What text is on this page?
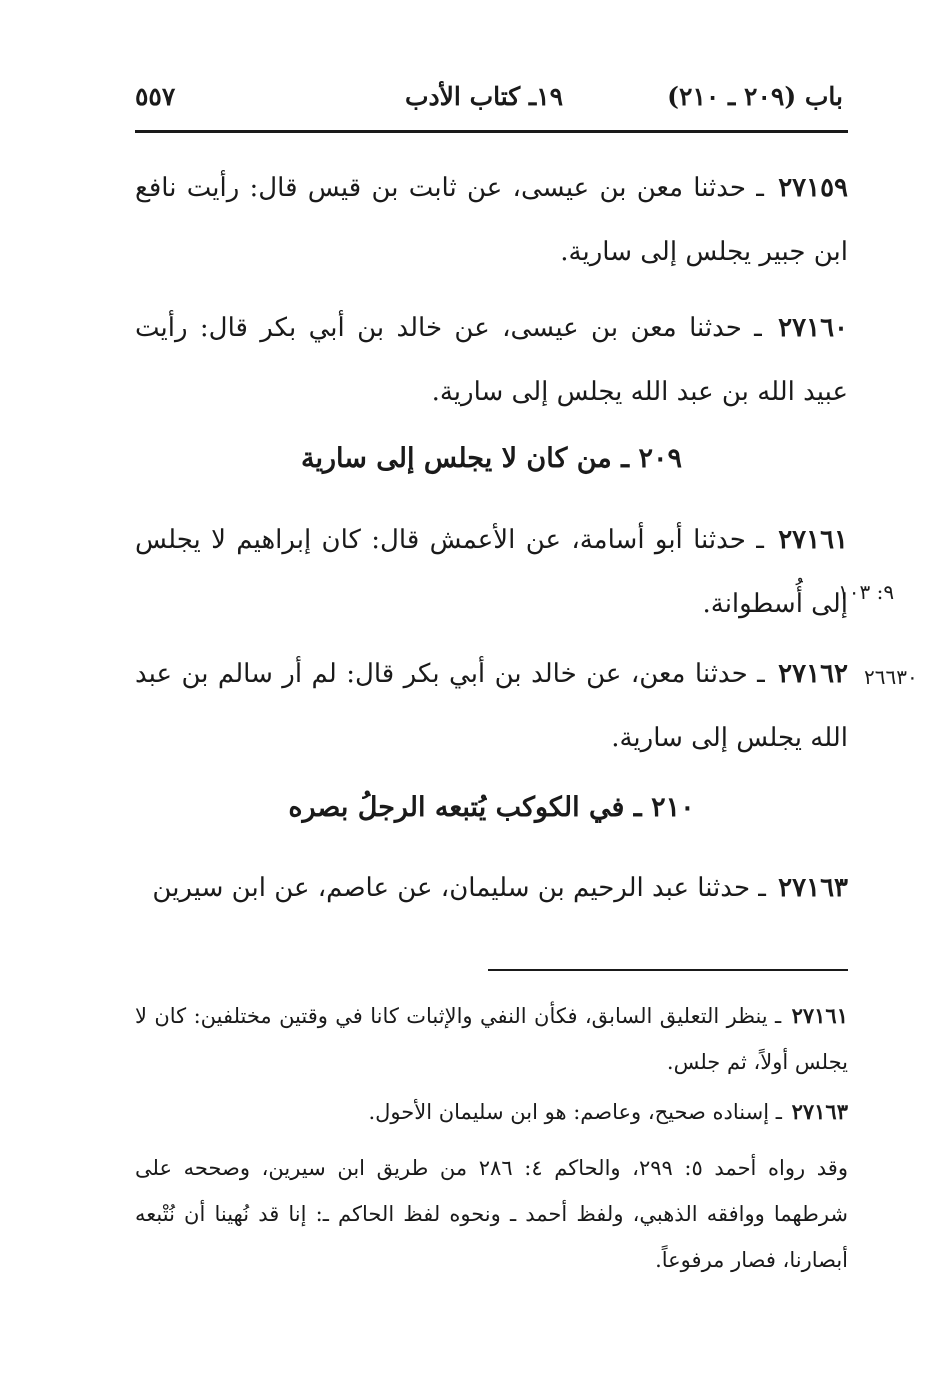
باب (٢٠٩ ـ ٢١٠)
١٩ـ كتاب الأدب
٥٥٧
٢٧١٥٩ ـ حدثنا معن بن عيسى، عن ثابت بن قيس قال: رأيت نافع ابن جبير يجلس إلى سارية.
٢٧١٦٠ ـ حدثنا معن بن عيسى، عن خالد بن أبي بكر قال: رأيت عبيد الله بن عبد الله يجلس إلى سارية.
٢٠٩ ـ من كان لا يجلس إلى سارية
٢٧١٦١ ـ حدثنا أبو أسامة، عن الأعمش قال: كان إبراهيم لا يجلس إلى أُسطوانة.
٩: ١٠٣
٢٧١٦٢ ـ حدثنا معن، عن خالد بن أبي بكر قال: لم أر سالم بن عبد الله يجلس إلى سارية.
٢٦٦٣٠
٢١٠ ـ في الكوكب يُتبعه الرجلُ بصره
٢٧١٦٣ ـ حدثنا عبد الرحيم بن سليمان، عن عاصم، عن ابن سيرين
٢٧١٦١ ـ ينظر التعليق السابق، فكأن النفي والإثبات كانا في وقتين مختلفين: كان لا يجلس أولاً، ثم جلس.
٢٧١٦٣ ـ إسناده صحيح، وعاصم: هو ابن سليمان الأحول.
وقد رواه أحمد ٥: ٢٩٩، والحاكم ٤: ٢٨٦ من طريق ابن سيرين، وصححه على شرطهما ووافقه الذهبي، ولفظ أحمد ـ ونحوه لفظ الحاكم ـ: إنا قد نُهينا أن نُتْبعه أبصارنا، فصار مرفوعاً.
